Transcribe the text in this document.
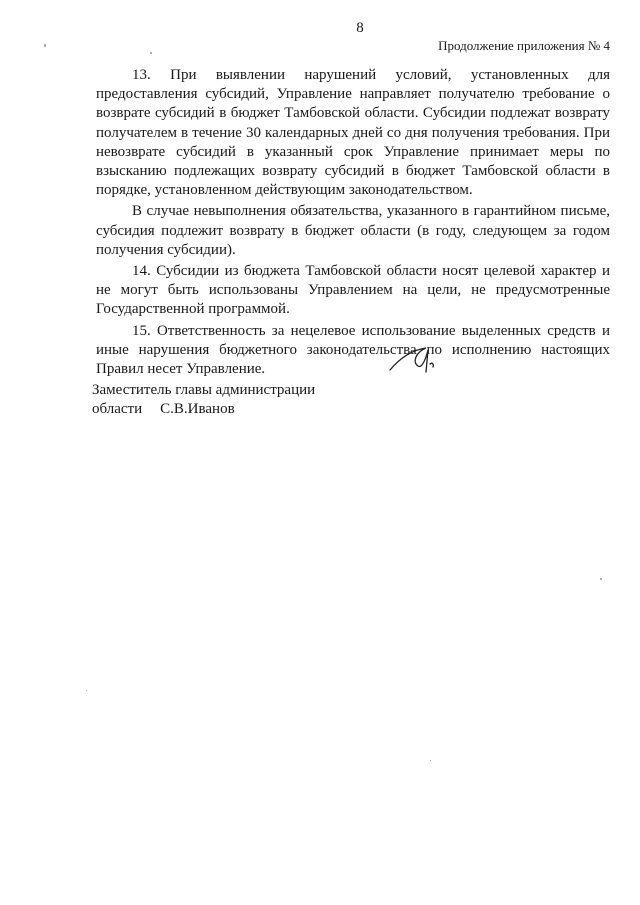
8
Продолжение приложения № 4

13. При выявлении нарушений условий, установленных для предоставления субсидий, Управление направляет получателю требование о возврате субсидий в бюджет Тамбовской области. Субсидии подлежат возврату получателем в течение 30 календарных дней со дня получения требования. При невозврате субсидий в указанный срок Управление принимает меры по взысканию подлежащих возврату субсидий в бюджет Тамбовской области в порядке, установленном действующим законодательством.

В случае невыполнения обязательства, указанного в гарантийном письме, субсидия подлежит возврату в бюджет области (в году, следующем за годом получения субсидии).

14. Субсидии из бюджета Тамбовской области носят целевой характер и не могут быть использованы Управлением на цели, не предусмотренные Государственной программой.

15. Ответственность за нецелевое использование выделенных средств и иные нарушения бюджетного законодательства по исполнению настоящих Правил несет Управление.

Заместитель главы администрации
области С.В.Иванов
